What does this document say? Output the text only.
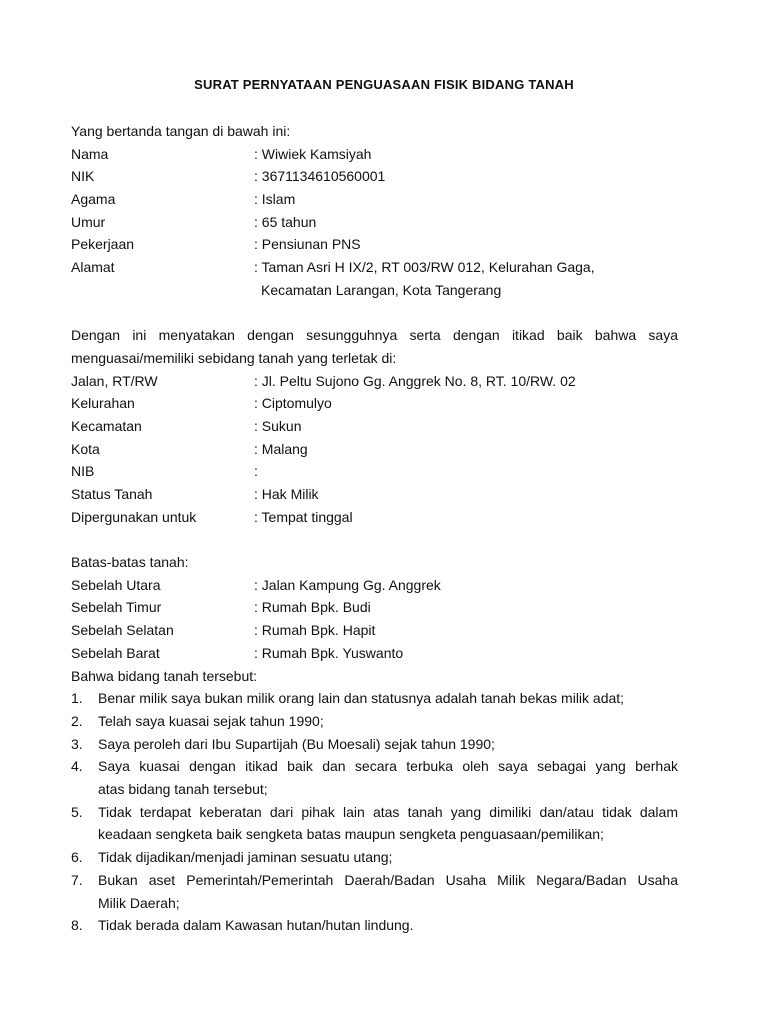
SURAT PERNYATAAN PENGUASAAN FISIK BIDANG TANAH
Yang bertanda tangan di bawah ini:
Nama	: Wiwiek Kamsiyah
NIK	: 3671134610560001
Agama	: Islam
Umur	: 65 tahun
Pekerjaan	: Pensiunan PNS
Alamat	: Taman Asri H IX/2, RT 003/RW 012, Kelurahan Gaga,
Kecamatan Larangan, Kota Tangerang
Dengan ini menyatakan dengan sesungguhnya serta dengan itikad baik bahwa saya
menguasai/memiliki sebidang tanah yang terletak di:
Jalan, RT/RW	: Jl. Peltu Sujono Gg. Anggrek No. 8, RT. 10/RW. 02
Kelurahan	: Ciptomulyo
Kecamatan	: Sukun
Kota	: Malang
NIB	:
Status Tanah	: Hak Milik
Dipergunakan untuk	: Tempat tinggal
Batas-batas tanah:
Sebelah Utara	: Jalan Kampung Gg. Anggrek
Sebelah Timur	: Rumah Bpk. Budi
Sebelah Selatan	: Rumah Bpk. Hapit
Sebelah Barat	: Rumah Bpk. Yuswanto
Bahwa bidang tanah tersebut:
1.	Benar milik saya bukan milik orang lain dan statusnya adalah tanah bekas milik adat;
2.	Telah saya kuasai sejak tahun 1990;
3.	Saya peroleh dari Ibu Supartijah (Bu Moesali) sejak tahun 1990;
4.	Saya kuasai dengan itikad baik dan secara terbuka oleh saya sebagai yang berhak
atas bidang tanah tersebut;
5.	Tidak terdapat keberatan dari pihak lain atas tanah yang dimiliki dan/atau tidak dalam
keadaan sengketa baik sengketa batas maupun sengketa penguasaan/pemilikan;
6.	Tidak dijadikan/menjadi jaminan sesuatu utang;
7.	Bukan aset Pemerintah/Pemerintah Daerah/Badan Usaha Milik Negara/Badan Usaha
Milik Daerah;
8.	Tidak berada dalam Kawasan hutan/hutan lindung.
